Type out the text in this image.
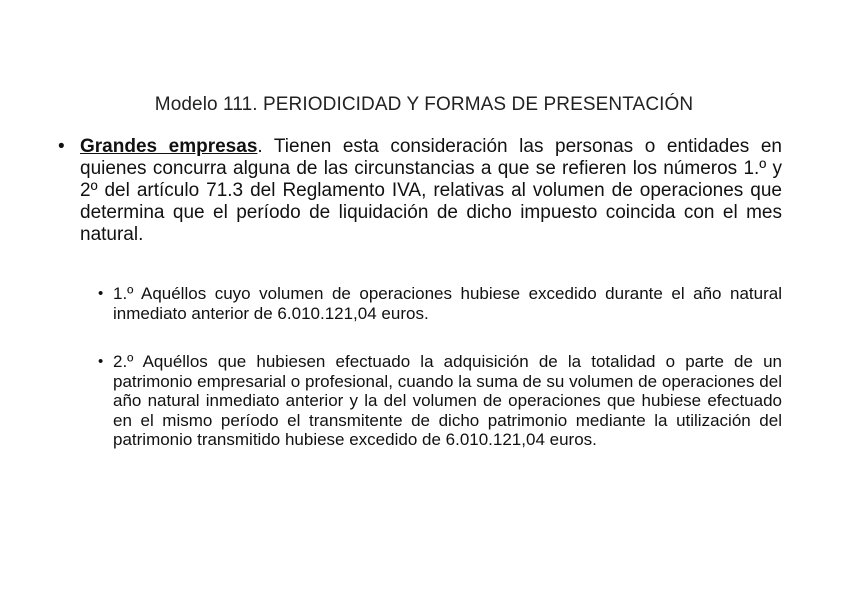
Modelo 111. PERIODICIDAD Y FORMAS DE PRESENTACIÓN
• Grandes empresas. Tienen esta consideración las personas o entidades en quienes concurra alguna de las circunstancias a que se refieren los números 1.º y 2º del artículo 71.3 del Reglamento IVA, relativas al volumen de operaciones que determina que el período de liquidación de dicho impuesto coincida con el mes natural.
• 1.º Aquéllos cuyo volumen de operaciones hubiese excedido durante el año natural inmediato anterior de 6.010.121,04 euros.
• 2.º Aquéllos que hubiesen efectuado la adquisición de la totalidad o parte de un patrimonio empresarial o profesional, cuando la suma de su volumen de operaciones del año natural inmediato anterior y la del volumen de operaciones que hubiese efectuado en el mismo período el transmitente de dicho patrimonio mediante la utilización del patrimonio transmitido hubiese excedido de 6.010.121,04 euros.
